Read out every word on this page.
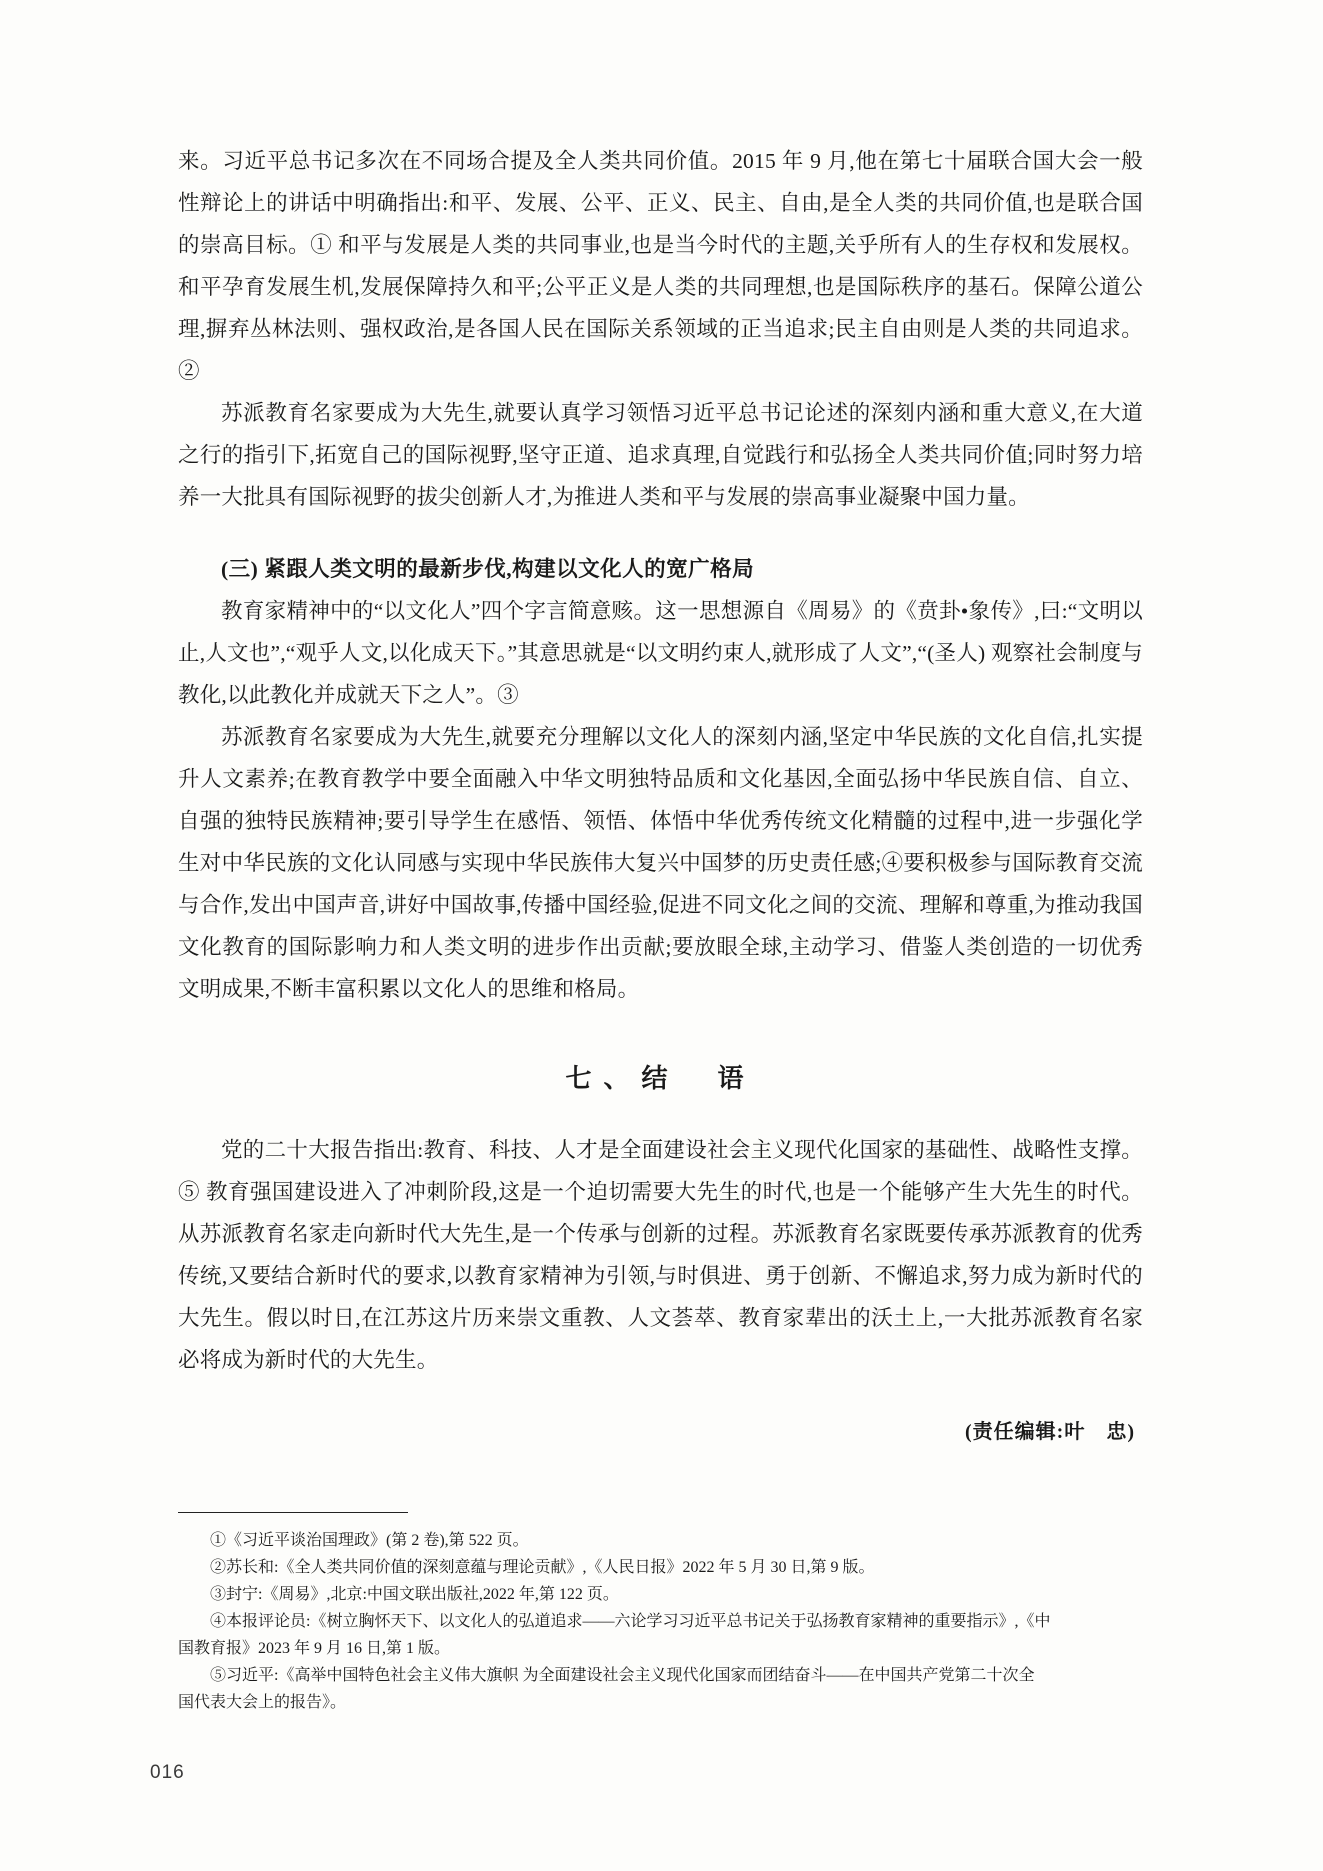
来。习近平总书记多次在不同场合提及全人类共同价值。2015 年 9 月,他在第七十届联合国大会一般性辩论上的讲话中明确指出:和平、发展、公平、正义、民主、自由,是全人类的共同价值,也是联合国的崇高目标。① 和平与发展是人类的共同事业,也是当今时代的主题,关乎所有人的生存权和发展权。和平孕育发展生机,发展保障持久和平;公平正义是人类的共同理想,也是国际秩序的基石。保障公道公理,摒弃丛林法则、强权政治,是各国人民在国际关系领域的正当追求;民主自由则是人类的共同追求。②

苏派教育名家要成为大先生,就要认真学习领悟习近平总书记论述的深刻内涵和重大意义,在大道之行的指引下,拓宽自己的国际视野,坚守正道、追求真理,自觉践行和弘扬全人类共同价值;同时努力培养一大批具有国际视野的拔尖创新人才,为推进人类和平与发展的崇高事业凝聚中国力量。

(三) 紧跟人类文明的最新步伐,构建以文化人的宽广格局

教育家精神中的“以文化人”四个字言简意赅。这一思想源自《周易》的《贲卦•象传》,曰:“文明以止,人文也”,“观乎人文,以化成天下。”其意思就是“以文明约束人,就形成了人文”,“(圣人) 观察社会制度与教化,以此教化并成就天下之人”。③

苏派教育名家要成为大先生,就要充分理解以文化人的深刻内涵,坚定中华民族的文化自信,扎实提升人文素养;在教育教学中要全面融入中华文明独特品质和文化基因,全面弘扬中华民族自信、自立、自强的独特民族精神;要引导学生在感悟、领悟、体悟中华优秀传统文化精髓的过程中,进一步强化学生对中华民族的文化认同感与实现中华民族伟大复兴中国梦的历史责任感;④要积极参与国际教育交流与合作,发出中国声音,讲好中国故事,传播中国经验,促进不同文化之间的交流、理解和尊重,为推动我国文化教育的国际影响力和人类文明的进步作出贡献;要放眼全球,主动学习、借鉴人类创造的一切优秀文明成果,不断丰富积累以文化人的思维和格局。

七、结　语

党的二十大报告指出:教育、科技、人才是全面建设社会主义现代化国家的基础性、战略性支撑。⑤ 教育强国建设进入了冲刺阶段,这是一个迫切需要大先生的时代,也是一个能够产生大先生的时代。从苏派教育名家走向新时代大先生,是一个传承与创新的过程。苏派教育名家既要传承苏派教育的优秀传统,又要结合新时代的要求,以教育家精神为引领,与时俱进、勇于创新、不懈追求,努力成为新时代的大先生。假以时日,在江苏这片历来崇文重教、人文荟萃、教育家辈出的沃土上,一大批苏派教育名家必将成为新时代的大先生。

(责任编辑:叶　忠)

①《习近平谈治国理政》(第 2 卷),第 522 页。

②苏长和:《全人类共同价值的深刻意蕴与理论贡献》,《人民日报》2022 年 5 月 30 日,第 9 版。

③封宁:《周易》,北京:中国文联出版社,2022 年,第 122 页。

④本报评论员:《树立胸怀天下、以文化人的弘道追求——六论学习习近平总书记关于弘扬教育家精神的重要指示》,《中

国教育报》2023 年 9 月 16 日,第 1 版。

⑤习近平:《高举中国特色社会主义伟大旗帜 为全面建设社会主义现代化国家而团结奋斗——在中国共产党第二十次全

国代表大会上的报告》。

016
